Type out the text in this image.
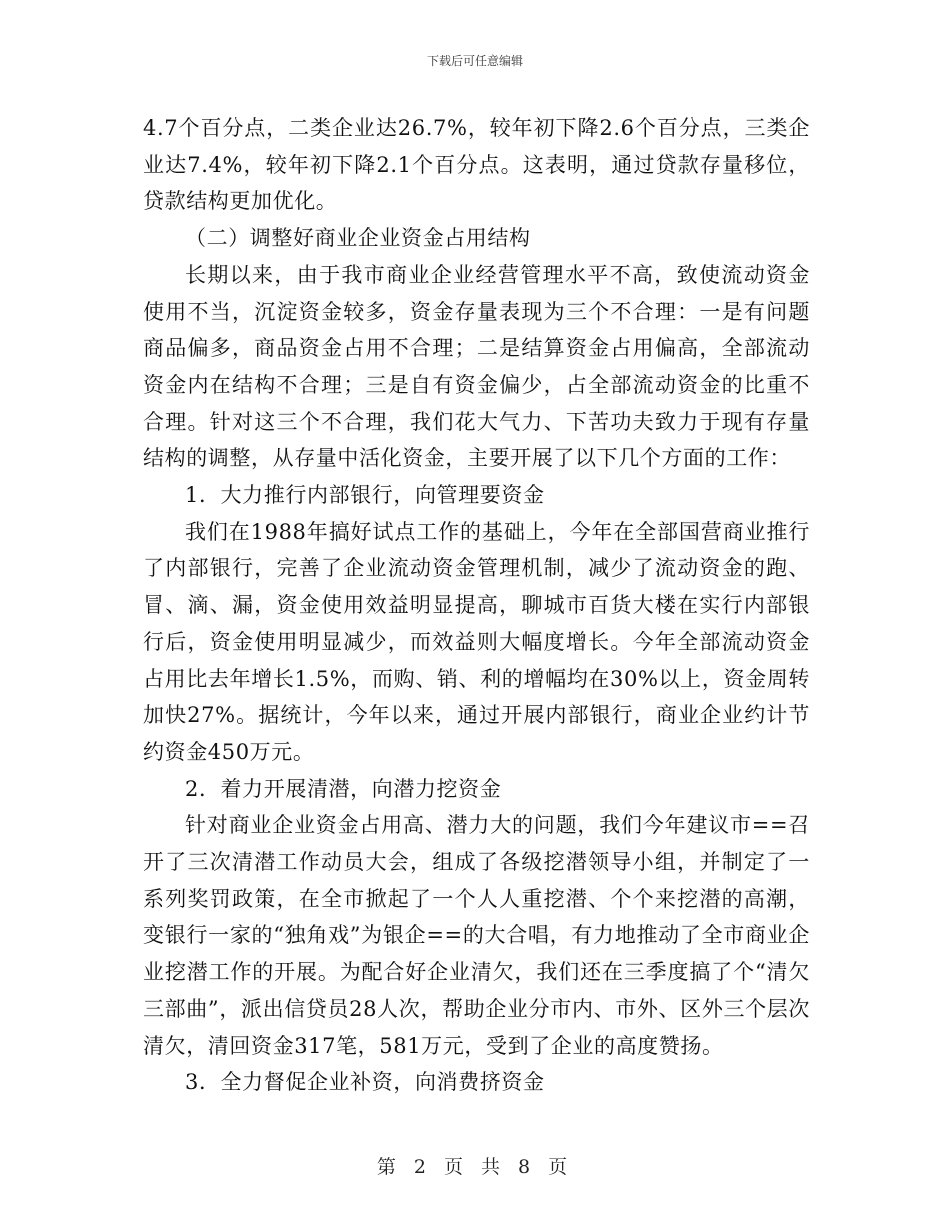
下载后可任意编辑

4.7个百分点，二类企业达26.7%，较年初下降2.6个百分点，三类企业达7.4%，较年初下降2.1个百分点。这表明，通过贷款存量移位，贷款结构更加优化。

（二）调整好商业企业资金占用结构

长期以来，由于我市商业企业经营管理水平不高，致使流动资金使用不当，沉淀资金较多，资金存量表现为三个不合理：一是有问题商品偏多，商品资金占用不合理；二是结算资金占用偏高，全部流动资金内在结构不合理；三是自有资金偏少，占全部流动资金的比重不合理。针对这三个不合理，我们花大气力、下苦功夫致力于现有存量结构的调整，从存量中活化资金，主要开展了以下几个方面的工作：

1．大力推行内部银行，向管理要资金

我们在1988年搞好试点工作的基础上，今年在全部国营商业推行了内部银行，完善了企业流动资金管理机制，减少了流动资金的跑、冒、滴、漏，资金使用效益明显提高，聊城市百货大楼在实行内部银行后，资金使用明显减少，而效益则大幅度增长。今年全部流动资金占用比去年增长1.5%，而购、销、利的增幅均在30%以上，资金周转加快27%。据统计，今年以来，通过开展内部银行，商业企业约计节约资金450万元。

2．着力开展清潜，向潜力挖资金

针对商业企业资金占用高、潜力大的问题，我们今年建议市==召开了三次清潜工作动员大会，组成了各级挖潜领导小组，并制定了一系列奖罚政策，在全市掀起了一个人人重挖潜、个个来挖潜的高潮，变银行一家的“独角戏”为银企==的大合唱，有力地推动了全市商业企业挖潜工作的开展。为配合好企业清欠，我们还在三季度搞了个“清欠三部曲”，派出信贷员28人次，帮助企业分市内、市外、区外三个层次清欠，清回资金317笔，581万元，受到了企业的高度赞扬。

3．全力督促企业补资，向消费挤资金

第 2 页 共 8 页
